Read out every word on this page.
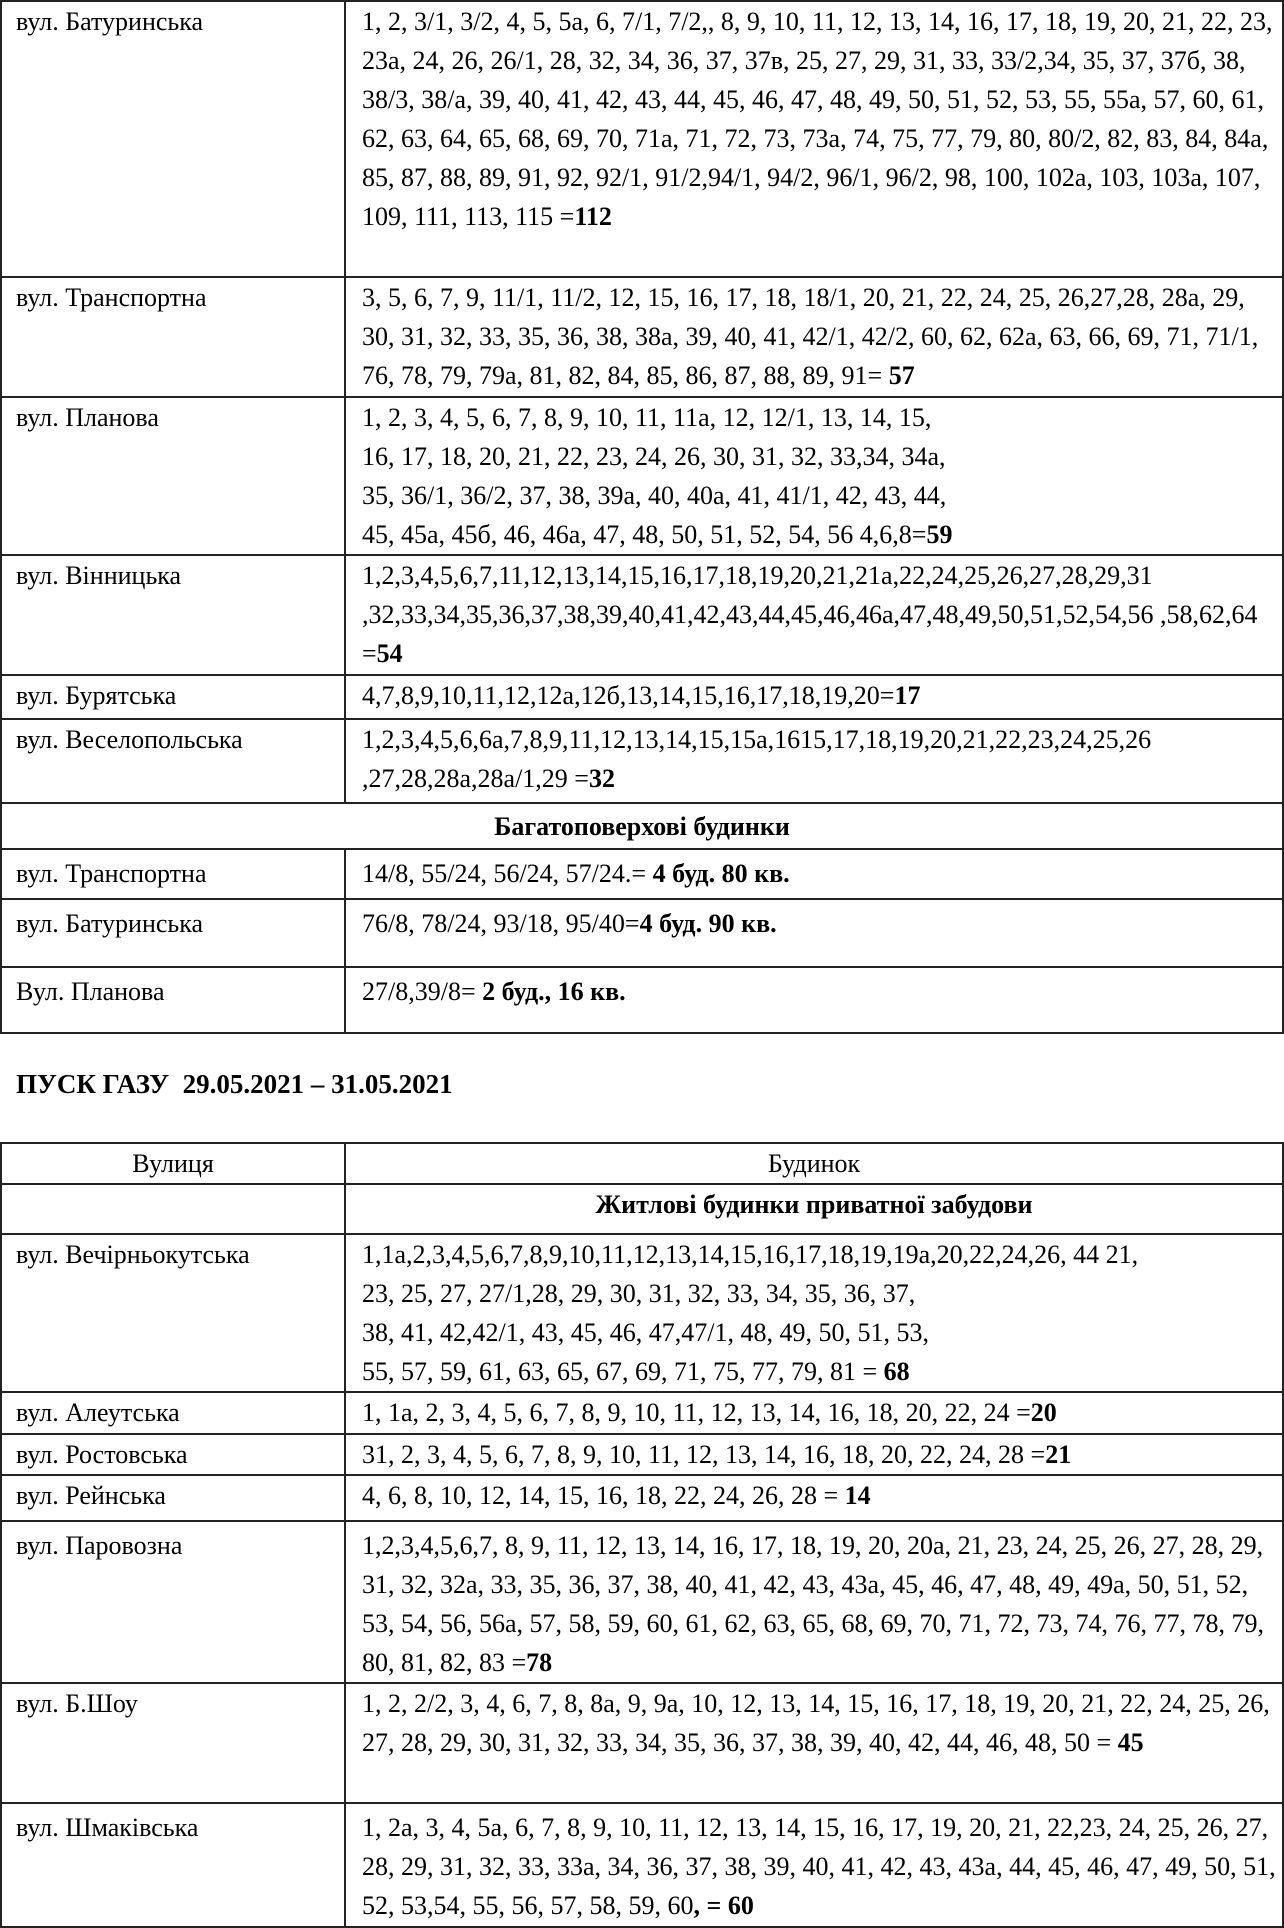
вул. Батуринська	1, 2, 3/1, 3/2, 4, 5, 5а, 6, 7/1, 7/2,, 8, 9, 10, 11, 12, 13, 14, 16, 17, 18, 19, 20, 21, 22, 23, 23а, 24, 26, 26/1, 28, 32, 34, 36, 37, 37в, 25, 27, 29, 31, 33, 33/2,34, 35, 37, 37б, 38, 38/3, 38/а, 39, 40, 41, 42, 43, 44, 45, 46, 47, 48, 49, 50, 51, 52, 53, 55, 55а, 57, 60, 61, 62, 63, 64, 65, 68, 69, 70, 71а, 71, 72, 73, 73а, 74, 75, 77, 79, 80, 80/2, 82, 83, 84, 84а, 85, 87, 88, 89, 91, 92, 92/1, 91/2,94/1, 94/2, 96/1, 96/2, 98, 100, 102а, 103, 103а, 107, 109, 111, 113, 115 =112
вул. Транспортна	3, 5, 6, 7, 9, 11/1, 11/2, 12, 15, 16, 17, 18, 18/1, 20, 21, 22, 24, 25, 26,27,28, 28а, 29, 30, 31, 32, 33, 35, 36, 38, 38а, 39, 40, 41, 42/1, 42/2, 60, 62, 62а, 63, 66, 69, 71, 71/1, 76, 78, 79, 79а, 81, 82, 84, 85, 86, 87, 88, 89, 91= 57
вул. Планова	1, 2, 3, 4, 5, 6, 7, 8, 9, 10, 11, 11а, 12, 12/1, 13, 14, 15,
16, 17, 18, 20, 21, 22, 23, 24, 26, 30, 31, 32, 33,34, 34а,
35, 36/1, 36/2, 37, 38, 39а, 40, 40а, 41, 41/1, 42, 43, 44,
45, 45а, 45б, 46, 46а, 47, 48, 50, 51, 52, 54, 56 4,6,8=59

вул. Вінницька	1,2,3,4,5,6,7,11,12,13,14,15,16,17,18,19,20,21,21а,22,24,25,26,27,28,29,31 ,32,33,34,35,36,37,38,39,40,41,42,43,44,45,46,46а,47,48,49,50,51,52,54,56 ,58,62,64 =54
вул. Бурятська	4,7,8,9,10,11,12,12а,12б,13,14,15,16,17,18,19,20=17
вул. Веселопольська	1,2,3,4,5,6,6а,7,8,9,11,12,13,14,15,15а,1615,17,18,19,20,21,22,23,24,25,26 ,27,28,28а,28а/1,29 =32
Багатоповерхові будинки	
вул. Транспортна	14/8, 55/24, 56/24, 57/24.= 4 буд. 80 кв.
вул. Батуринська	76/8, 78/24, 93/18, 95/40=4 буд. 90 кв.
Вул. Планова	27/8,39/8= 2 буд., 16 кв.
ПУСК ГАЗУ  29.05.2021 – 31.05.2021
Вулиця	Будинок
	Житлові будинки приватної забудови
вул. Вечірньокутська	1,1а,2,3,4,5,6,7,8,9,10,11,12,13,14,15,16,17,18,19,19а,20,22,24,26, 44 21,
23, 25, 27, 27/1,28, 29, 30, 31, 32, 33, 34, 35, 36, 37,
38, 41, 42,42/1, 43, 45, 46, 47,47/1, 48, 49, 50, 51, 53,
55, 57, 59, 61, 63, 65, 67, 69, 71, 75, 77, 79, 81 = 68

вул. Алеутська	1, 1а, 2, 3, 4, 5, 6, 7, 8, 9, 10, 11, 12, 13, 14, 16, 18, 20, 22, 24 =20
вул. Ростовська	31, 2, 3, 4, 5, 6, 7, 8, 9, 10, 11, 12, 13, 14, 16, 18, 20, 22, 24, 28 =21
вул. Рейнська	4, 6, 8, 10, 12, 14, 15, 16, 18, 22, 24, 26, 28 = 14
вул. Паровозна	1,2,3,4,5,6,7, 8, 9, 11, 12, 13, 14, 16, 17, 18, 19, 20, 20а, 21, 23, 24, 25, 26, 27, 28, 29, 31, 32, 32а, 33, 35, 36, 37, 38, 40, 41, 42, 43, 43а, 45, 46, 47, 48, 49, 49а, 50, 51, 52, 53, 54, 56, 56а, 57, 58, 59, 60, 61, 62, 63, 65, 68, 69, 70, 71, 72, 73, 74, 76, 77, 78, 79, 80, 81, 82, 83 =78
вул. Б.Шоу	1, 2, 2/2, 3, 4, 6, 7, 8, 8а, 9, 9а, 10, 12, 13, 14, 15, 16, 17, 18, 19, 20, 21, 22, 24, 25, 26, 27, 28, 29, 30, 31, 32, 33, 34, 35, 36, 37, 38, 39, 40, 42, 44, 46, 48, 50 = 45
вул. Шмаківська	1, 2а, 3, 4, 5а, 6, 7, 8, 9, 10, 11, 12, 13, 14, 15, 16, 17, 19, 20, 21, 22,23, 24, 25, 26, 27, 28, 29, 31, 32, 33, 33а, 34, 36, 37, 38, 39, 40, 41, 42, 43, 43а, 44, 45, 46, 47, 49, 50, 51, 52, 53,54, 55, 56, 57, 58, 59, 60, = 60
